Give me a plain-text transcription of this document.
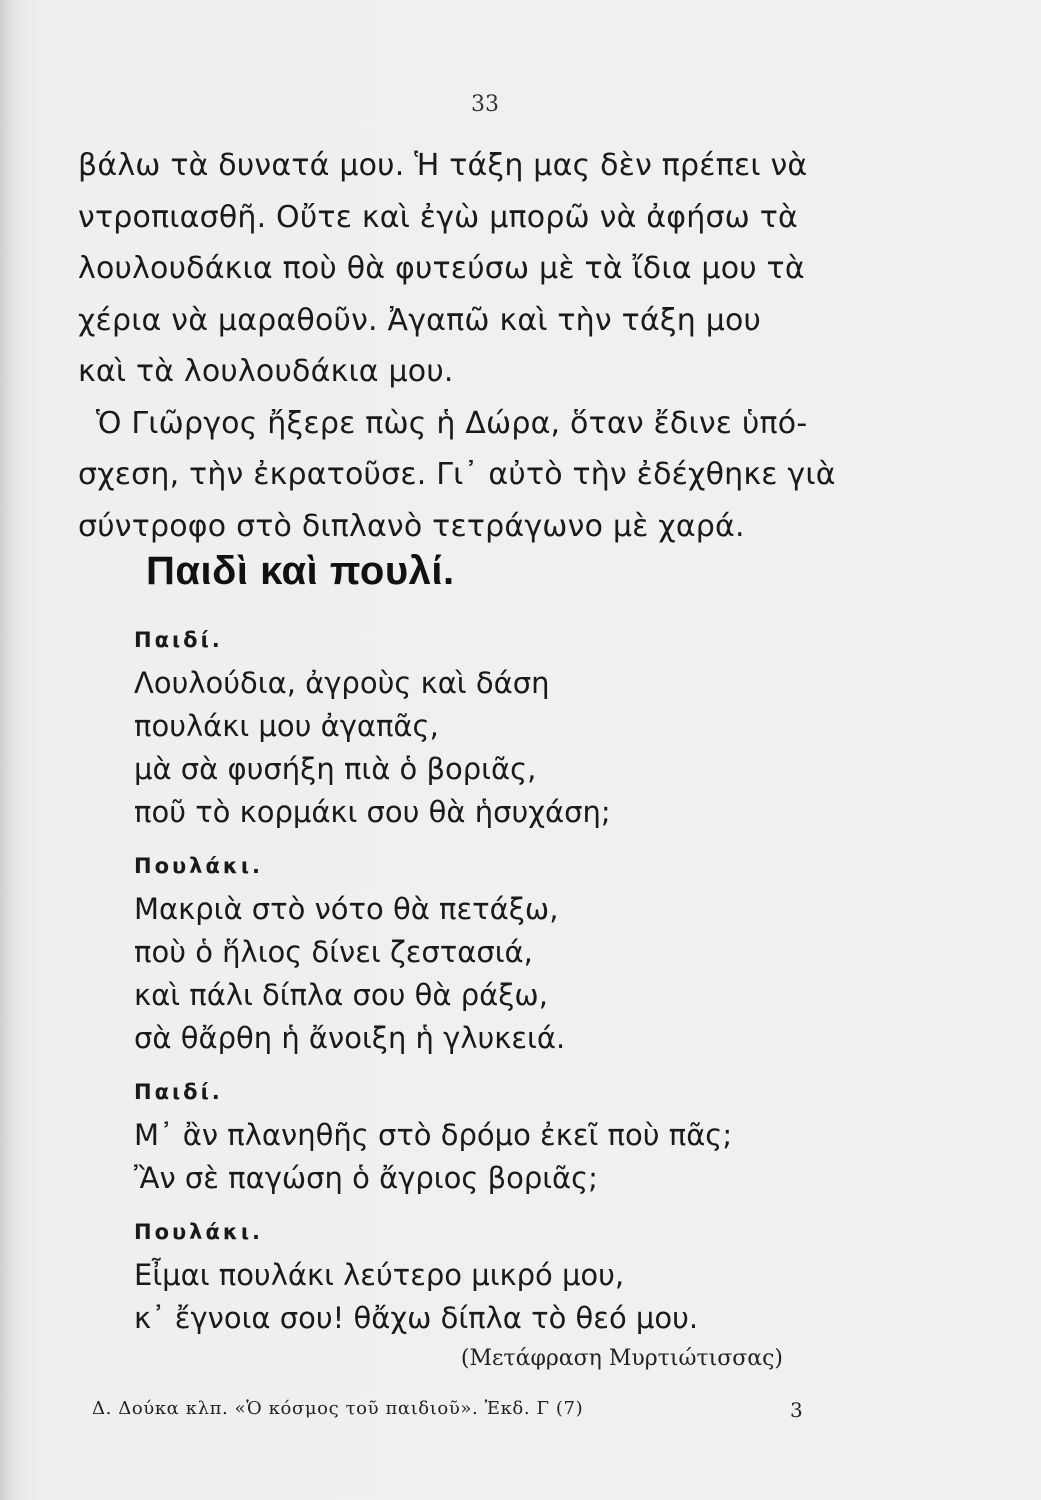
33
βάλω τὰ δυνατά μου. Ἡ τάξη μας δὲν πρέπει νὰ
ντροπιασθῆ. Οὔτε καὶ ἐγὼ μπορῶ νὰ ἀφήσω τὰ
λουλουδάκια ποὺ θὰ φυτεύσω μὲ τὰ ἴδια μου τὰ
χέρια νὰ μαραθοῦν. Ἀγαπῶ καὶ τὴν τάξη μου
καὶ τὰ λουλουδάκια μου.
Ὁ Γιῶργος ἤξερε πὼς ἡ Δώρα, ὅταν ἔδινε ὑπό-
σχεση, τὴν ἐκρατοῦσε. Γι᾽ αὐτὸ τὴν ἐδέχθηκε γιὰ
σύντροφο στὸ διπλανὸ τετράγωνο μὲ χαρά.
Παιδὶ καὶ πουλί.
Παιδί.
Λουλούδια, ἀγροὺς καὶ δάση
πουλάκι μου ἀγαπᾶς,
μὰ σὰ φυσήξη πιὰ ὁ βοριᾶς,
ποῦ τὸ κορμάκι σου θὰ ἡσυχάση;
Πουλάκι.
Μακριὰ στὸ νότο θὰ πετάξω,
ποὺ ὁ ἥλιος δίνει ζεστασιά,
καὶ πάλι δίπλα σου θὰ ράξω,
σὰ θἄρθη ἡ ἄνοιξη ἡ γλυκειά.
Παιδί.
Μ᾽ ἂν πλανηθῆς στὸ δρόμο ἐκεῖ ποὺ πᾶς;
Ἂν σὲ παγώση ὁ ἄγριος βοριᾶς;
Πουλάκι.
Εἶμαι πουλάκι λεύτερο μικρό μου,
κ᾽ ἔγνοια σου! θἄχω δίπλα τὸ θεό μου.
(Μετάφραση Μυρτιώτισσας)
Δ. Δούκα κλπ. «Ὁ κόσμος τοῦ παιδιοῦ». Ἐκδ. Γ (7)	3
